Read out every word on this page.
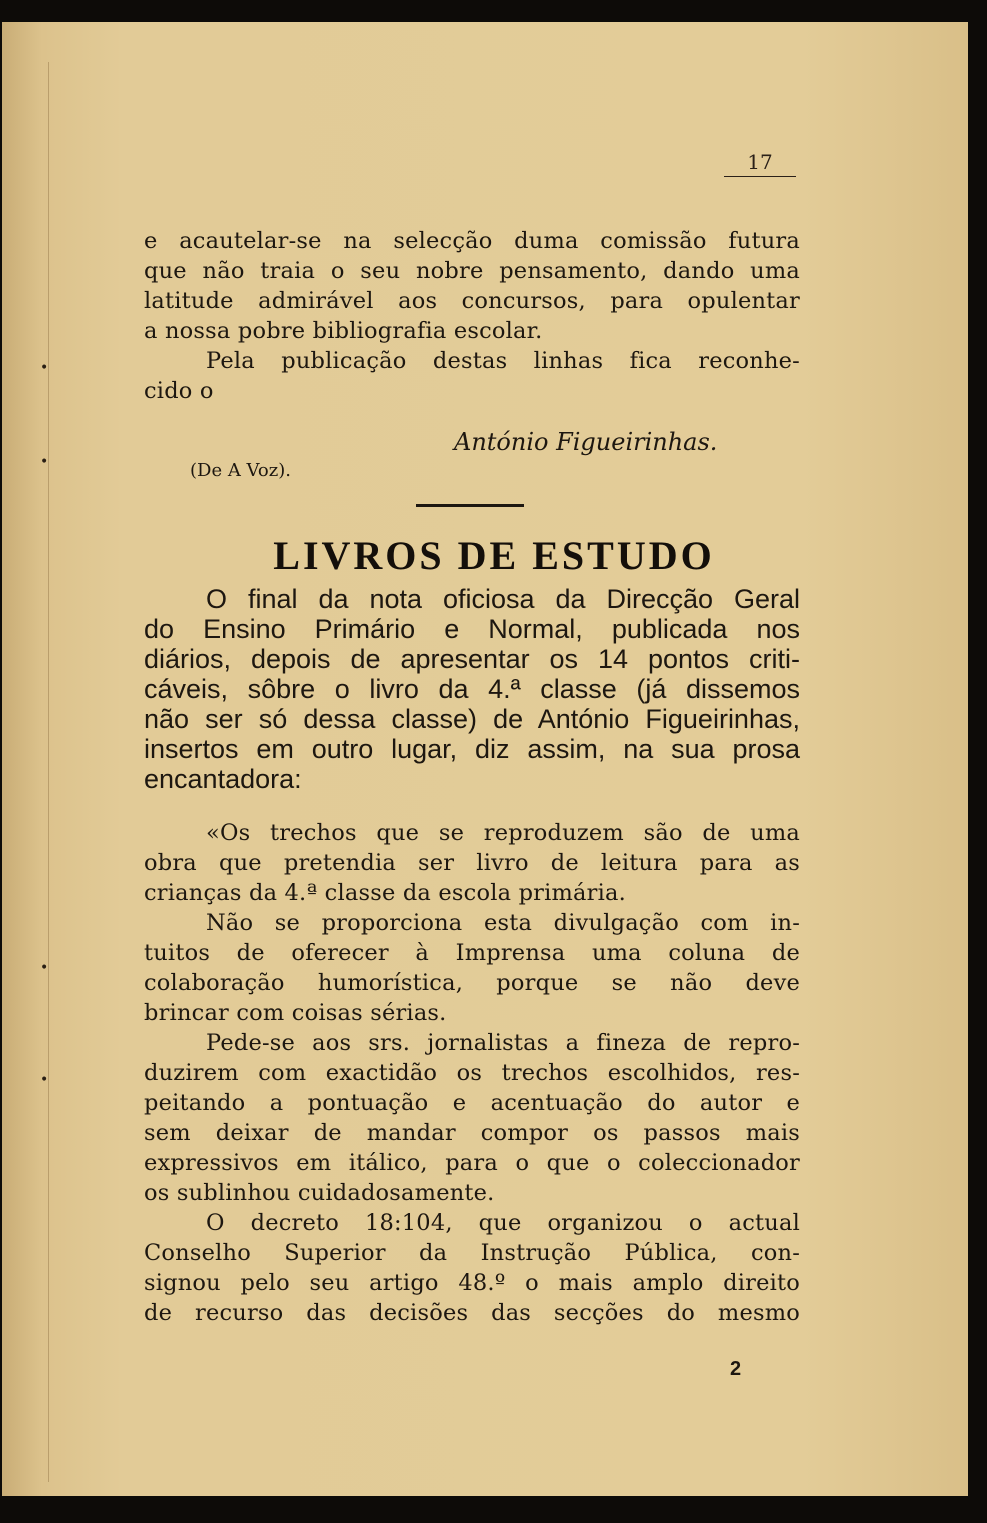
•
•
•
•
17
e acautelar-se na selecção duma comissão futura
que não traia o seu nobre pensamento, dando uma
latitude admirável aos concursos, para opulentar
a nossa pobre bibliografia escolar.
Pela publicação destas linhas fica reconhe-
cido o
António Figueirinhas.
(De A Voz).
LIVROS DE ESTUDO
O final da nota oficiosa da Direcção Geral
do Ensino Primário e Normal, publicada nos
diários, depois de apresentar os 14 pontos criti-
cáveis, sôbre o livro da 4.ª classe (já dissemos
não ser só dessa classe) de António Figueirinhas,
insertos em outro lugar, diz assim, na sua prosa
encantadora:
«Os trechos que se reproduzem são de uma
obra que pretendia ser livro de leitura para as
crianças da 4.ª classe da escola primária.
Não se proporciona esta divulgação com in-
tuitos de oferecer à Imprensa uma coluna de
colaboração humorística, porque se não deve
brincar com coisas sérias.
Pede-se aos srs. jornalistas a fineza de repro-
duzirem com exactidão os trechos escolhidos, res-
peitando a pontuação e acentuação do autor e
sem deixar de mandar compor os passos mais
expressivos em itálico, para o que o coleccionador
os sublinhou cuidadosamente.
O decreto 18:104, que organizou o actual
Conselho Superior da Instrução Pública, con-
signou pelo seu artigo 48.º o mais amplo direito
de recurso das decisões das secções do mesmo
2
